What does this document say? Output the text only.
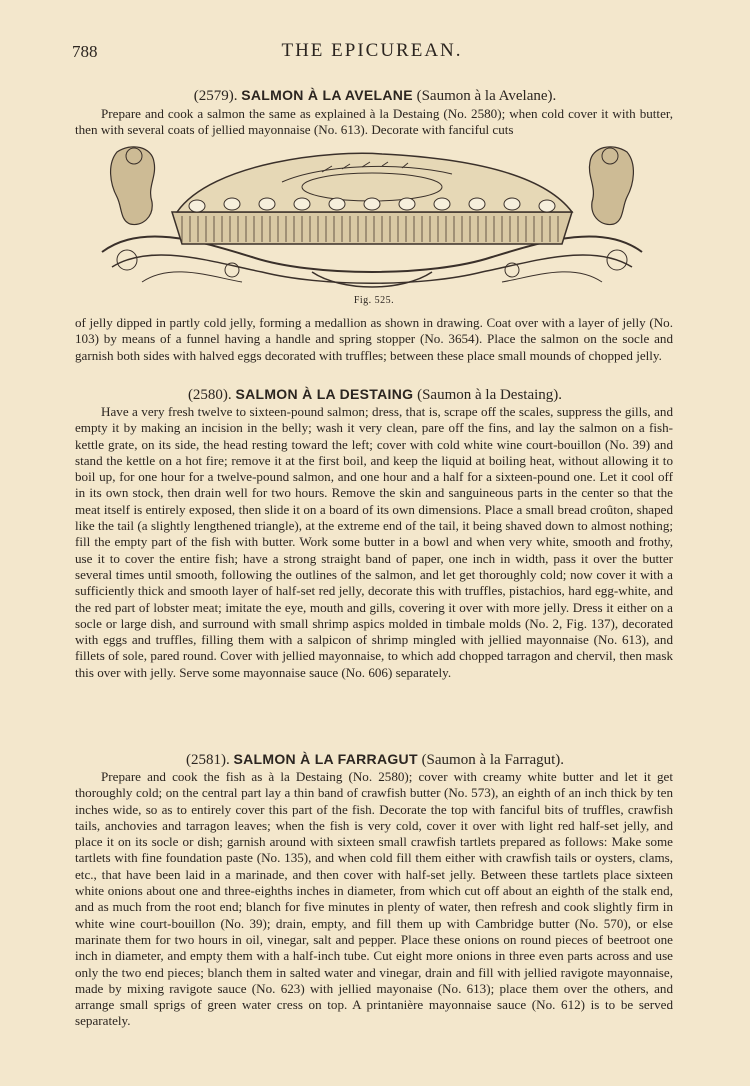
788	THE EPICUREAN.
(2579). SALMON À LA AVELANE (Saumon à la Avelane).

Prepare and cook a salmon the same as explained à la Destaing (No. 2580); when cold cover it with butter, then with several coats of jellied mayonnaise (No. 613). Decorate with fanciful cuts

Fig. 525.

of jelly dipped in partly cold jelly, forming a medallion as shown in drawing. Coat over with a layer of jelly (No. 103) by means of a funnel having a handle and spring stopper (No. 3654). Place the salmon on the socle and garnish both sides with halved eggs decorated with truffles; between these place small mounds of chopped jelly.

(2580). SALMON À LA DESTAING (Saumon à la Destaing).

Have a very fresh twelve to sixteen-pound salmon; dress, that is, scrape off the scales, suppress the gills, and empty it by making an incision in the belly; wash it very clean, pare off the fins, and lay the salmon on a fish-kettle grate, on its side, the head resting toward the left; cover with cold white wine court-bouillon (No. 39) and stand the kettle on a hot fire; remove it at the first boil, and keep the liquid at boiling heat, without allowing it to boil up, for one hour for a twelve-pound salmon, and one hour and a half for a sixteen-pound one. Let it cool off in its own stock, then drain well for two hours. Remove the skin and sanguineous parts in the center so that the meat itself is entirely exposed, then slide it on a board of its own dimensions. Place a small bread croûton, shaped like the tail (a slightly lengthened triangle), at the extreme end of the tail, it being shaved down to almost nothing; fill the empty part of the fish with butter. Work some butter in a bowl and when very white, smooth and frothy, use it to cover the entire fish; have a strong straight band of paper, one inch in width, pass it over the butter several times until smooth, following the outlines of the salmon, and let get thoroughly cold; now cover it with a sufficiently thick and smooth layer of half-set red jelly, decorate this with truffles, pistachios, hard egg-white, and the red part of lobster meat; imitate the eye, mouth and gills, covering it over with more jelly. Dress it either on a socle or large dish, and surround with small shrimp aspics molded in timbale molds (No. 2, Fig. 137), decorated with eggs and truffles, filling them with a salpicon of shrimp mingled with jellied mayonnaise (No. 613), and fillets of sole, pared round. Cover with jellied mayonnaise, to which add chopped tarragon and chervil, then mask this over with jelly. Serve some mayonnaise sauce (No. 606) separately.

(2581). SALMON À LA FARRAGUT (Saumon à la Farragut).

Prepare and cook the fish as à la Destaing (No. 2580); cover with creamy white butter and let it get thoroughly cold; on the central part lay a thin band of crawfish butter (No. 573), an eighth of an inch thick by ten inches wide, so as to entirely cover this part of the fish. Decorate the top with fanciful bits of truffles, crawfish tails, anchovies and tarragon leaves; when the fish is very cold, cover it over with light red half-set jelly, and place it on its socle or dish; garnish around with sixteen small crawfish tartlets prepared as follows: Make some tartlets with fine foundation paste (No. 135), and when cold fill them either with crawfish tails or oysters, clams, etc., that have been laid in a marinade, and then cover with half-set jelly. Between these tartlets place sixteen white onions about one and three-eighths inches in diameter, from which cut off about an eighth of the stalk end, and as much from the root end; blanch for five minutes in plenty of water, then refresh and cook slightly firm in white wine court-bouillon (No. 39); drain, empty, and fill them up with Cambridge butter (No. 570), or else marinate them for two hours in oil, vinegar, salt and pepper. Place these onions on round pieces of beetroot one inch in diameter, and empty them with a half-inch tube. Cut eight more onions in three even parts across and use only the two end pieces; blanch them in salted water and vinegar, drain and fill with jellied ravigote mayonnaise, made by mixing ravigote sauce (No. 623) with jellied mayonaise (No. 613); place them over the others, and arrange small sprigs of green water cress on top. A printanière mayonnaise sauce (No. 612) is to be served separately.
